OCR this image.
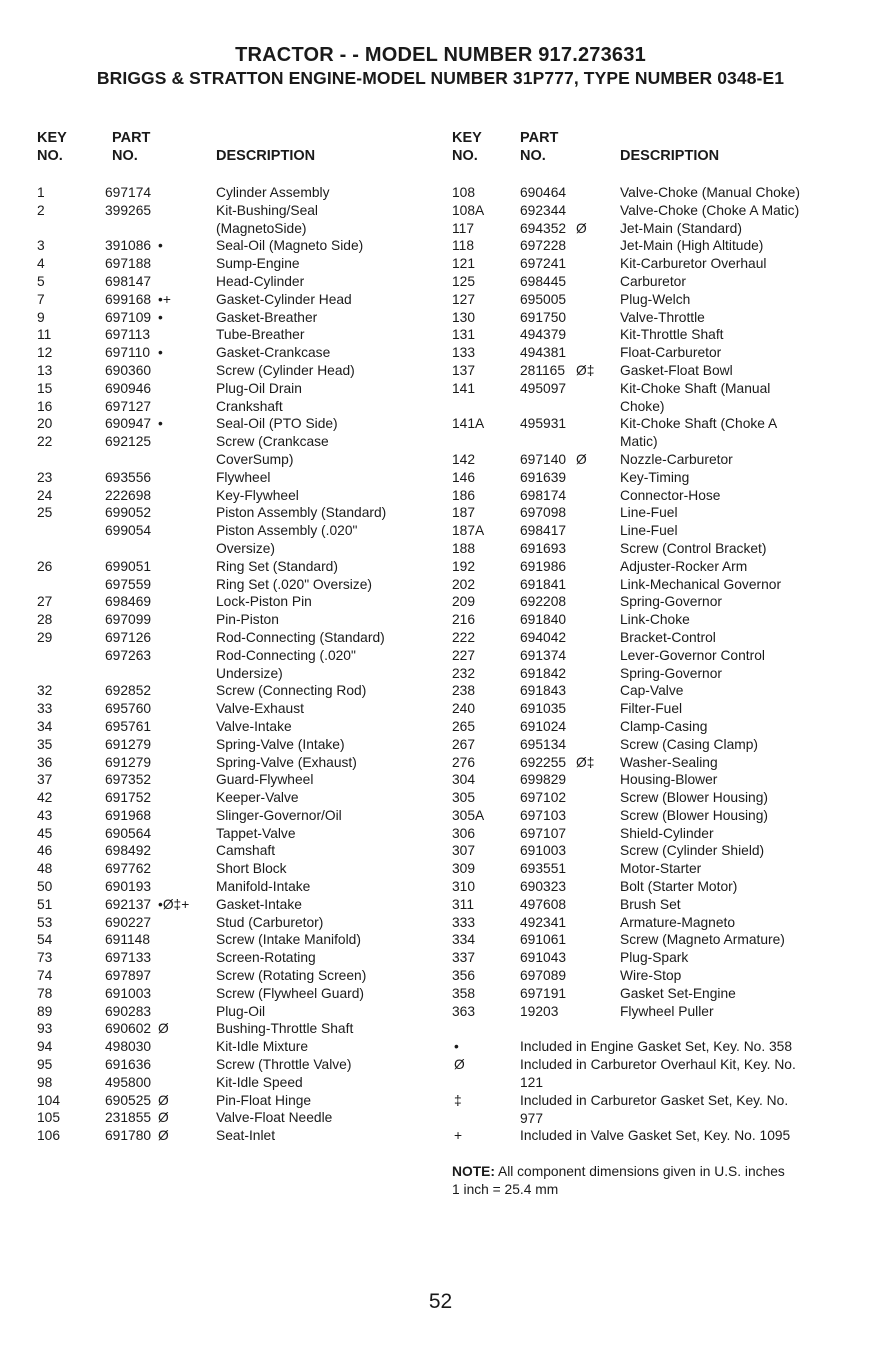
TRACTOR - - MODEL NUMBER 917.273631
BRIGGS & STRATTON ENGINE-MODEL NUMBER 31P777, TYPE NUMBER 0348-E1
KEY
NO.
PART
NO.	DESCRIPTION
KEY
NO.
PART
NO.	DESCRIPTION
1	697174	Cylinder Assembly
2	399265	Kit-Bushing/Seal
(MagnetoSide)
3	391086 •	Seal-Oil (Magneto Side)
4	697188	Sump-Engine
5	698147	Head-Cylinder
7	699168 •+	Gasket-Cylinder Head
9	697109 •	Gasket-Breather
11	697113	Tube-Breather
12	697110 •	Gasket-Crankcase
13	690360	Screw (Cylinder Head)
15	690946	Plug-Oil Drain
16	697127	Crankshaft
20	690947 •	Seal-Oil (PTO Side)
22	692125	Screw (Crankcase
CoverSump)
23	693556	Flywheel
24	222698	Key-Flywheel
25	699052	Piston Assembly (Standard)
699054	Piston Assembly (.020"
Oversize)
26	699051	Ring Set (Standard)
697559	Ring Set (.020" Oversize)
27	698469	Lock-Piston Pin
28	697099	Pin-Piston
29	697126	Rod-Connecting (Standard)
697263	Rod-Connecting (.020"
Undersize)
32	692852	Screw (Connecting Rod)
33	695760	Valve-Exhaust
34	695761	Valve-Intake
35	691279	Spring-Valve (Intake)
36	691279	Spring-Valve (Exhaust)
37	697352	Guard-Flywheel
42	691752	Keeper-Valve
43	691968	Slinger-Governor/Oil
45	690564	Tappet-Valve
46	698492	Camshaft
48	697762	Short Block
50	690193	Manifold-Intake
51	692137 •Ø‡+ Gasket-Intake
53	690227	Stud (Carburetor)
54	691148	Screw (Intake Manifold)
73	697133	Screen-Rotating
74	697897	Screw (Rotating Screen)
78	691003	Screw (Flywheel Guard)
89	690283	Plug-Oil
93	690602 Ø	Bushing-Throttle Shaft
94	498030	Kit-Idle Mixture
95	691636	Screw (Throttle Valve)
98	495800	Kit-Idle Speed
104	690525 Ø	Pin-Float Hinge
105	231855 Ø	Valve-Float Needle
106	691780 Ø	Seat-Inlet
108	690464	Valve-Choke (Manual Choke)
108A	692344	Valve-Choke (Choke A Matic)
117	694352 Ø Jet-Main (Standard)
118	697228	Jet-Main (High Altitude)
121	697241	Kit-Carburetor Overhaul
125	698445	Carburetor
127	695005	Plug-Welch
130	691750	Valve-Throttle
131	494379	Kit-Throttle Shaft
133	494381	Float-Carburetor
137	281165 Ø‡ Gasket-Float Bowl
141	495097	Kit-Choke Shaft (Manual
Choke)
141A	495931	Kit-Choke Shaft (Choke A
Matic)
142	697140 Ø Nozzle-Carburetor
146	691639	Key-Timing
186	698174	Connector-Hose
187	697098	Line-Fuel
187A	698417	Line-Fuel
188	691693	Screw (Control Bracket)
192	691986	Adjuster-Rocker Arm
202	691841	Link-Mechanical Governor
209	692208	Spring-Governor
216	691840	Link-Choke
222	694042	Bracket-Control
227	691374	Lever-Governor Control
232	691842	Spring-Governor
238	691843	Cap-Valve
240	691035	Filter-Fuel
265	691024	Clamp-Casing
267	695134	Screw (Casing Clamp)
276	692255 Ø‡ Washer-Sealing
304	699829	Housing-Blower
305	697102	Screw (Blower Housing)
305A	697103	Screw (Blower Housing)
306	697107	Shield-Cylinder
307	691003	Screw (Cylinder Shield)
309	693551	Motor-Starter
310	690323	Bolt (Starter Motor)
311	497608	Brush Set
333	492341	Armature-Magneto
334	691061	Screw (Magneto Armature)
337	691043	Plug-Spark
356	697089	Wire-Stop
358	697191	Gasket Set-Engine
363	19203	Flywheel Puller
•	Included in Engine Gasket Set, Key. No. 358
Ø	Included in Carburetor Overhaul Kit, Key. No.
121
‡	Included in Carburetor Gasket Set, Key. No.
977
+	Included in Valve Gasket Set, Key. No. 1095
NOTE: All component dimensions given in U.S. inches
1 inch = 25.4 mm
52
